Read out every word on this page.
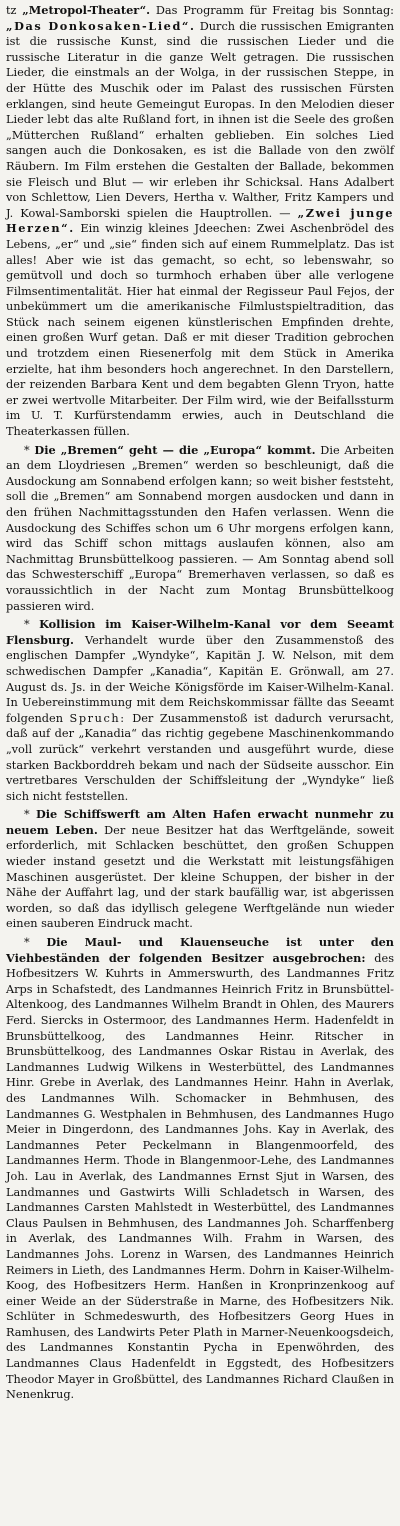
tz „Metropol-Theater“. Das Programm für Freitag bis Sonntag: „Das Donkosaken-Lied“. Durch die russischen Emigranten ist die russische Kunst, sind die russischen Lieder und die russische Literatur in die ganze Welt getragen. Die russischen Lieder, die einstmals an der Wolga, in der russischen Steppe, in der Hütte des Muschik oder im Palast des russischen Fürsten erklangen, sind heute Gemeingut Europas. In den Melodien dieser Lieder lebt das alte Rußland fort, in ihnen ist die Seele des großen „Mütterchen Rußland“ erhalten geblieben. Ein solches Lied sangen auch die Donkosaken, es ist die Ballade von den zwölf Räubern. Im Film erstehen die Gestalten der Ballade, bekommen sie Fleisch und Blut — wir erleben ihr Schicksal. Hans Adalbert von Schlettow, Lien Devers, Hertha v. Walther, Fritz Kampers und J. Kowal-Samborski spielen die Hauptrollen. — „Zwei junge Herzen“. Ein winzig kleines Jdeechen: Zwei Aschenbrödel des Lebens, „er“ und „sie“ finden sich auf einem Rummelplatz. Das ist alles! Aber wie ist das gemacht, so echt, so lebenswahr, so gemütvoll und doch so turmhoch erhaben über alle verlogene Filmsentimentalität. Hier hat einmal der Regisseur Paul Fejos, der unbekümmert um die amerikanische Filmlustspieltradition, das Stück nach seinem eigenen künstlerischen Empfinden drehte, einen großen Wurf getan. Daß er mit dieser Tradition gebrochen und trotzdem einen Riesenerfolg mit dem Stück in Amerika erzielte, hat ihm besonders hoch angerechnet. In den Darstellern, der reizenden Barbara Kent und dem begabten Glenn Tryon, hatte er zwei wertvolle Mitarbeiter. Der Film wird, wie der Beifallssturm im U. T. Kurfürstendamm erwies, auch in Deutschland die Theaterkassen füllen.

* Die „Bremen“ geht — die „Europa“ kommt. Die Arbeiten an dem Lloydriesen „Bremen“ werden so beschleunigt, daß die Ausdockung am Sonnabend erfolgen kann; so weit bisher feststeht, soll die „Bremen“ am Sonnabend morgen ausdocken und dann in den frühen Nachmittagsstunden den Hafen verlassen. Wenn die Ausdockung des Schiffes schon um 6 Uhr morgens erfolgen kann, wird das Schiff schon mittags auslaufen können, also am Nachmittag Brunsbüttelkoog passieren. — Am Sonntag abend soll das Schwesterschiff „Europa“ Bremerhaven verlassen, so daß es voraussichtlich in der Nacht zum Montag Brunsbüttelkoog passieren wird.

* Kollision im Kaiser-Wilhelm-Kanal vor dem Seeamt Flensburg. Verhandelt wurde über den Zusammenstoß des englischen Dampfer „Wyndyke“, Kapitän J. W. Nelson, mit dem schwedischen Dampfer „Kanadia“, Kapitän E. Grönwall, am 27. August ds. Js. in der Weiche Königsförde im Kaiser-Wilhelm-Kanal. In Uebereinstimmung mit dem Reichskommissar fällte das Seeamt folgenden Spruch: Der Zusammenstoß ist dadurch verursacht, daß auf der „Kanadia“ das richtig gegebene Maschinenkommando „voll zurück“ verkehrt verstanden und ausgeführt wurde, diese starken Backborddreh bekam und nach der Südseite ausschor. Ein vertretbares Verschulden der Schiffsleitung der „Wyndyke“ ließ sich nicht feststellen.

* Die Schiffswerft am Alten Hafen erwacht nunmehr zu neuem Leben. Der neue Besitzer hat das Werftgelände, soweit erforderlich, mit Schlacken beschüttet, den großen Schuppen wieder instand gesetzt und die Werkstatt mit leistungsfähigen Maschinen ausgerüstet. Der kleine Schuppen, der bisher in der Nähe der Auffahrt lag, und der stark baufällig war, ist abgerissen worden, so daß das idyllisch gelegene Werftgelände nun wieder einen sauberen Eindruck macht.

* Die Maul- und Klauenseuche ist unter den Viehbeständen der folgenden Besitzer ausgebrochen: des Hofbesitzers W. Kuhrts in Ammerswurth, des Landmannes Fritz Arps in Schafstedt, des Landmannes Heinrich Fritz in Brunsbüttel-Altenkoog, des Landmannes Wilhelm Brandt in Ohlen, des Maurers Ferd. Siercks in Ostermoor, des Landmannes Herm. Hadenfeldt in Brunsbüttelkoog, des Landmannes Heinr. Ritscher in Brunsbüttelkoog, des Landmannes Oskar Ristau in Averlak, des Landmannes Ludwig Wilkens in Westerbüttel, des Landmannes Hinr. Grebe in Averlak, des Landmannes Heinr. Hahn in Averlak, des Landmannes Wilh. Schomacker in Behmhusen, des Landmannes G. Westphalen in Behmhusen, des Landmannes Hugo Meier in Dingerdonn, des Landmannes Johs. Kay in Averlak, des Landmannes Peter Peckelmann in Blangenmoorfeld, des Landmannes Herm. Thode in Blangenmoor-Lehe, des Landmannes Joh. Lau in Averlak, des Landmannes Ernst Sjut in Warsen, des Landmannes und Gastwirts Willi Schladetsch in Warsen, des Landmannes Carsten Mahlstedt in Westerbüttel, des Landmannes Claus Paulsen in Behmhusen, des Landmannes Joh. Scharffenberg in Averlak, des Landmannes Wilh. Frahm in Warsen, des Landmannes Johs. Lorenz in Warsen, des Landmannes Heinrich Reimers in Lieth, des Landmannes Herm. Dohrn in Kaiser-Wilhelm-Koog, des Hofbesitzers Herm. Hanßen in Kronprinzenkoog auf einer Weide an der Süderstraße in Marne, des Hofbesitzers Nik. Schlüter in Schmedeswurth, des Hofbesitzers Georg Hues in Ramhusen, des Landwirts Peter Plath in Marner-Neuenkoogsdeich, des Landmannes Konstantin Pycha in Epenwöhrden, des Landmannes Claus Hadenfeldt in Eggstedt, des Hofbesitzers Theodor Mayer in Großbüttel, des Landmannes Richard Claußen in Nenenkrug.
